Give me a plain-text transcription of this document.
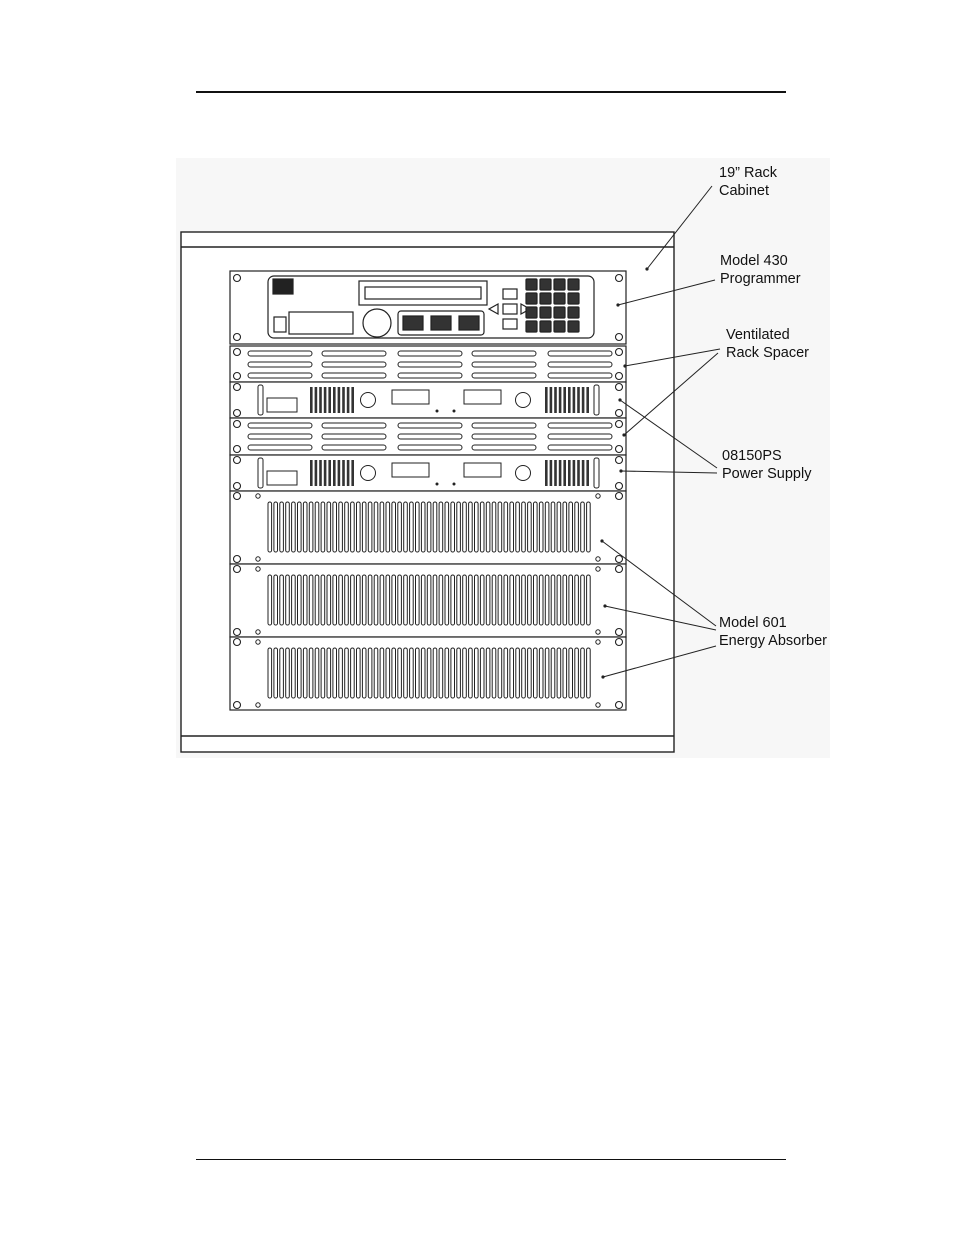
19” Rack
Cabinet
Model 430
Programmer
Ventilated
Rack Spacer
08150PS
Power Supply
Model 601
Energy Absorber
